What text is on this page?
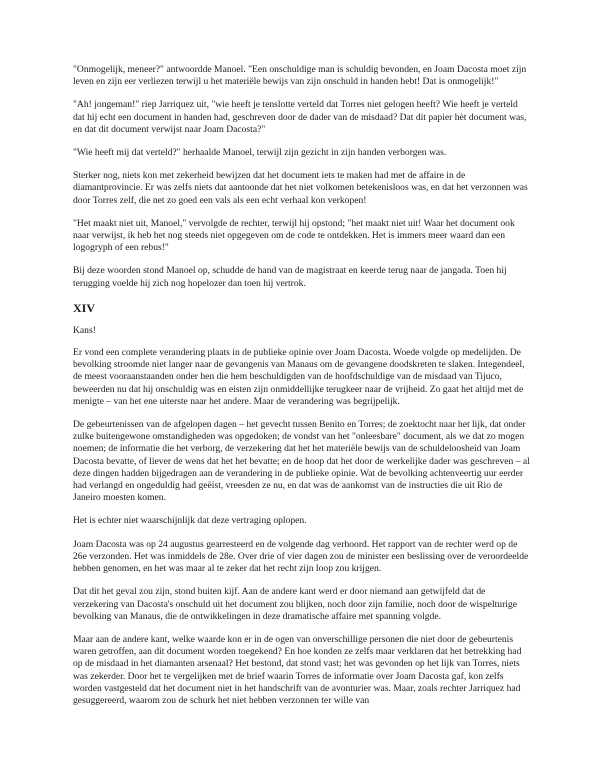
"Onmogelijk, meneer?" antwoordde Manoel. "Een onschuldige man is schuldig bevonden, en Joam Dacosta moet zijn leven en zijn eer verliezen terwijl u het materiële bewijs van zijn onschuld in handen hebt! Dat is onmogelijk!"

"Ah! jongeman!" riep Jarriquez uit, "wie heeft je tenslotte verteld dat Torres niet gelogen heeft? Wie heeft je verteld dat hij echt een document in handen had, geschreven door de dader van de misdaad? Dat dit papier hèt document was, en dat dit document verwijst naar Joam Dacosta?"

"Wie heeft mij dat verteld?" herhaalde Manoel, terwijl zijn gezicht in zijn handen verborgen was.

Sterker nog, niets kon met zekerheid bewijzen dat het document iets te maken had met de affaire in de diamantprovincie. Er was zelfs niets dat aantoonde dat het niet volkomen betekenisloos was, en dat het verzonnen was door Torres zelf, die net zo goed een vals als een echt verhaal kon verkopen!

"Het maakt niet uit, Manoel," vervolgde de rechter, terwijl hij opstond; "het maakt niet uit! Waar het document ook naar verwijst, ik heb het nog steeds niet opgegeven om de code te ontdekken. Het is immers meer waard dan een logogryph of een rebus!"

Bij deze woorden stond Manoel op, schudde de hand van de magistraat en keerde terug naar de jangada. Toen hij terugging voelde hij zich nog hopelozer dan toen hij vertrok.

XIV

Kans!

Er vond een complete verandering plaats in de publieke opinie over Joam Dacosta. Woede volgde op medelijden. De bevolking stroomde niet langer naar de gevangenis van Manaus om de gevangene doodskreten te slaken. Integendeel, de meest vooraanstaanden onder hen die hem beschuldigden van de hoofdschuldige van de misdaad van Tijuco, beweerden nu dat hij onschuldig was en eisten zijn onmiddellijke terugkeer naar de vrijheid. Zo gaat het altijd met de menigte – van het ene uiterste naar het andere. Maar de verandering was begrijpelijk.

De gebeurtenissen van de afgelopen dagen – het gevecht tussen Benito en Torres; de zoektocht naar het lijk, dat onder zulke buitengewone omstandigheden was opgedoken; de vondst van het "onleesbare" document, als we dat zo mogen noemen; de informatie die het verborg, de verzekering dat het het materiële bewijs van de schuldeloosheid van Joam Dacosta bevatte, of liever de wens dat het het bevatte; en de hoop dat het door de werkelijke dader was geschreven – al deze dingen hadden bijgedragen aan de verandering in de publieke opinie. Wat de bevolking achtenveertig uur eerder had verlangd en ongeduldig had geëist, vreesden ze nu, en dat was de aankomst van de instructies die uit Rio de Janeiro moesten komen.

Het is echter niet waarschijnlijk dat deze vertraging oplopen.

Joam Dacosta was op 24 augustus gearresteerd en de volgende dag verhoord. Het rapport van de rechter werd op de 26e verzonden. Het was inmiddels de 28e. Over drie of vier dagen zou de minister een beslissing over de veroordeelde hebben genomen, en het was maar al te zeker dat het recht zijn loop zou krijgen.

Dat dit het geval zou zijn, stond buiten kijf. Aan de andere kant werd er door niemand aan getwijfeld dat de verzekering van Dacosta's onschuld uit het document zou blijken, noch door zijn familie, noch door de wispelturige bevolking van Manaus, die de ontwikkelingen in deze dramatische affaire met spanning volgde.

Maar aan de andere kant, welke waarde kon er in de ogen van onverschillige personen die niet door de gebeurtenis waren getroffen, aan dit document worden toegekend? En hoe konden ze zelfs maar verklaren dat het betrekking had op de misdaad in het diamanten arsenaal? Het bestond, dat stond vast; het was gevonden op het lijk van Torres, niets was zekerder. Door het te vergelijken met de brief waarin Torres de informatie over Joam Dacosta gaf, kon zelfs worden vastgesteld dat het document niet in het handschrift van de avonturier was. Maar, zoals rechter Jarriquez had gesuggereerd, waarom zou de schurk het niet hebben verzonnen ter wille van
